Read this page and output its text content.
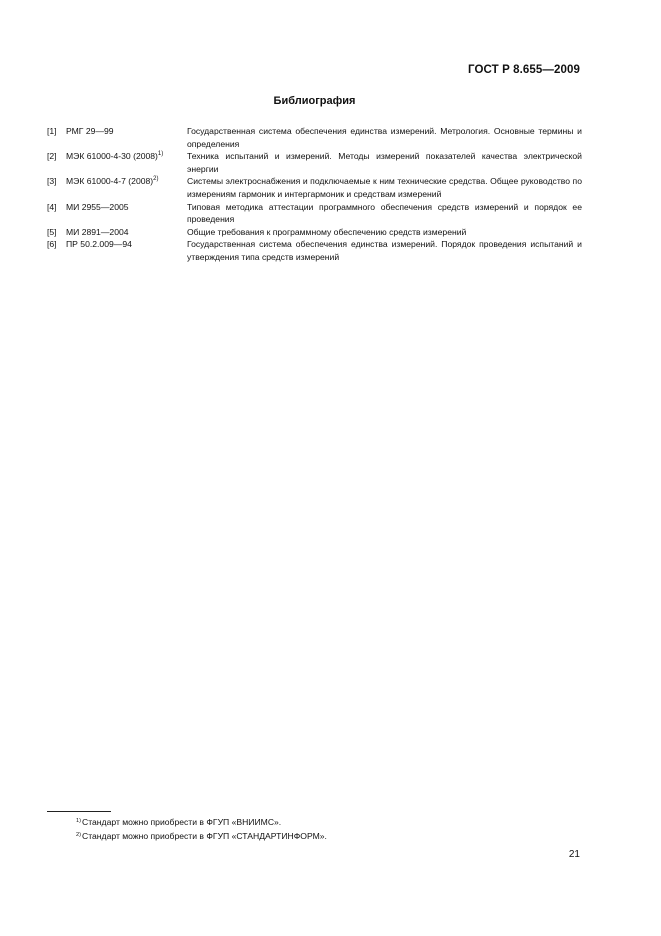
ГОСТ Р 8.655—2009
Библиография
[1]	РМГ 29—99	Государственная система обеспечения единства измерений. Метрология. Основные термины и определения
[2]	МЭК 61000-4-30 $(2008)^{1)}$	Техника испытаний и измерений. Методы измерений показателей качества электрической энергии
[3]	МЭК 61000-4-7 $(2008)^{2)}$	Системы электроснабжения и подключаемые к ним технические средства. Общее руководство по измерениям гармоник и интергармоник и средствам измерений
[4]	МИ 2955—2005	Типовая методика аттестации программного обеспечения средств измерений и порядок ее проведения
[5]	МИ 2891—2004	Общие требования к программному обеспечению средств измерений
[6]	ПР 50.2.009—94	Государственная система обеспечения единства измерений. Порядок проведения испытаний и утверждения типа средств измерений
$^{1)}$Стандарт можно приобрести в ФГУП «ВНИИМС».
$^{2)}$Стандарт можно приобрести в ФГУП «СТАНДАРТИНФОРМ».
21
